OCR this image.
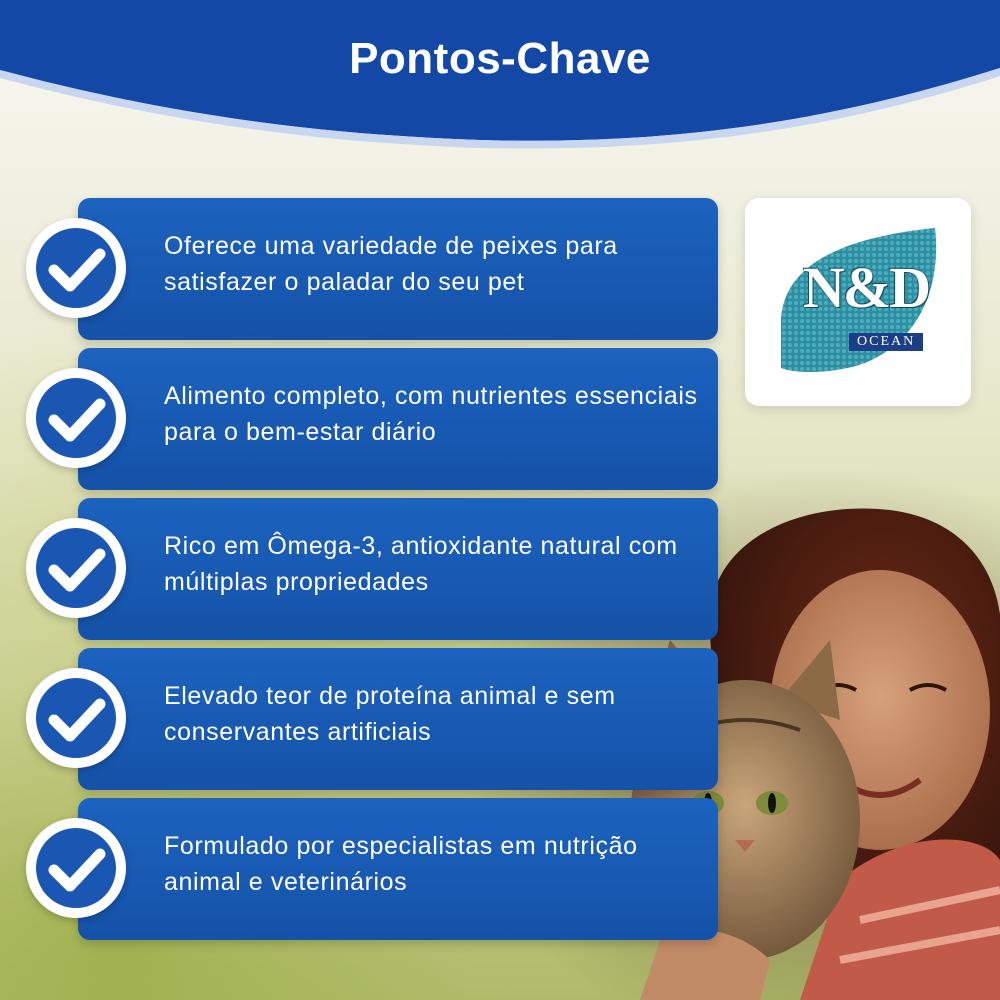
Pontos-Chave
N&D
OCEAN
Oferece uma variedade de peixes para satisfazer o paladar do seu pet
Alimento completo, com nutrientes essenciais para o bem-estar diário
Rico em Ômega-3, antioxidante natural com múltiplas propriedades
Elevado teor de proteína animal e sem conservantes artificiais
Formulado por especialistas em nutrição animal e veterinários
